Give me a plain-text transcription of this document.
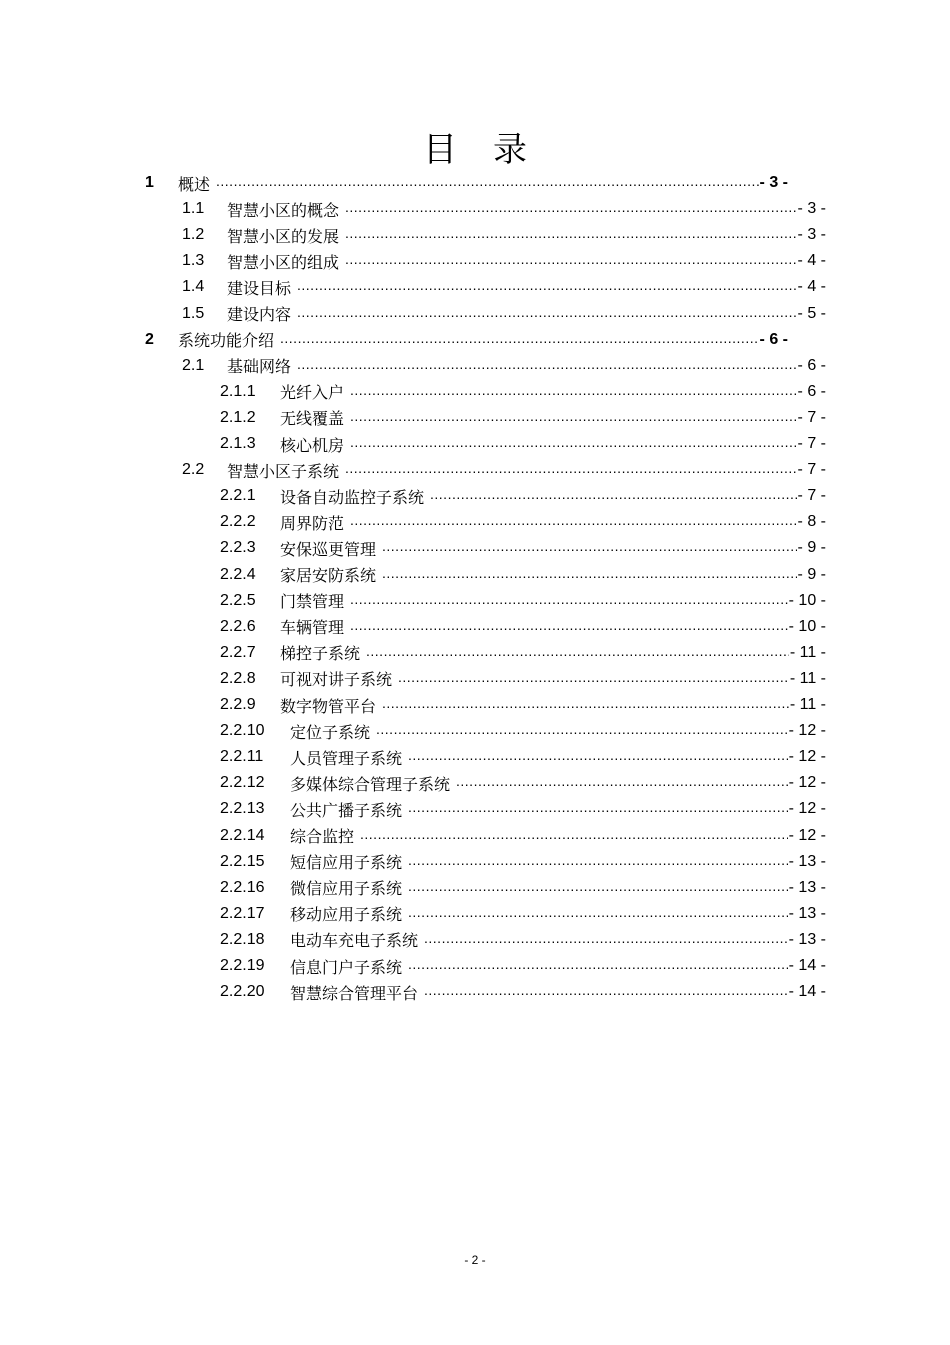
目 录
1	概述 .....	- 3 -
1.1	智慧小区的概念 .....	- 3 -
1.2	智慧小区的发展 .....	- 3 -
1.3	智慧小区的组成 .....	- 4 -
1.4	建设目标 .....	- 4 -
1.5	建设内容 .....	- 5 -
2	系统功能介绍 .....	- 6 -
2.1	基础网络 .....	- 6 -
2.1.1	光纤入户 .....	- 6 -
2.1.2	无线覆盖 .....	- 7 -
2.1.3	核心机房 .....	- 7 -
2.2	智慧小区子系统 .....	- 7 -
2.2.1	设备自动监控子系统 .....	- 7 -
2.2.2	周界防范 .....	- 8 -
2.2.3	安保巡更管理 .....	- 9 -
2.2.4	家居安防系统 .....	- 9 -
2.2.5	门禁管理 .....	- 10 -
2.2.6	车辆管理 .....	- 10 -
2.2.7	梯控子系统 .....	- 11 -
2.2.8	可视对讲子系统 .....	- 11 -
2.2.9	数字物管平台 .....	- 11 -
2.2.10	定位子系统 .....	- 12 -
2.2.11	人员管理子系统 .....	- 12 -
2.2.12	多媒体综合管理子系统 .....	- 12 -
2.2.13	公共广播子系统 .....	- 12 -
2.2.14	综合监控 .....	- 12 -
2.2.15	短信应用子系统 .....	- 13 -
2.2.16	微信应用子系统 .....	- 13 -
2.2.17	移动应用子系统 .....	- 13 -
2.2.18	电动车充电子系统 .....	- 13 -
2.2.19	信息门户子系统 .....	- 14 -
2.2.20	智慧综合管理平台 .....	- 14 -
- 2 -
